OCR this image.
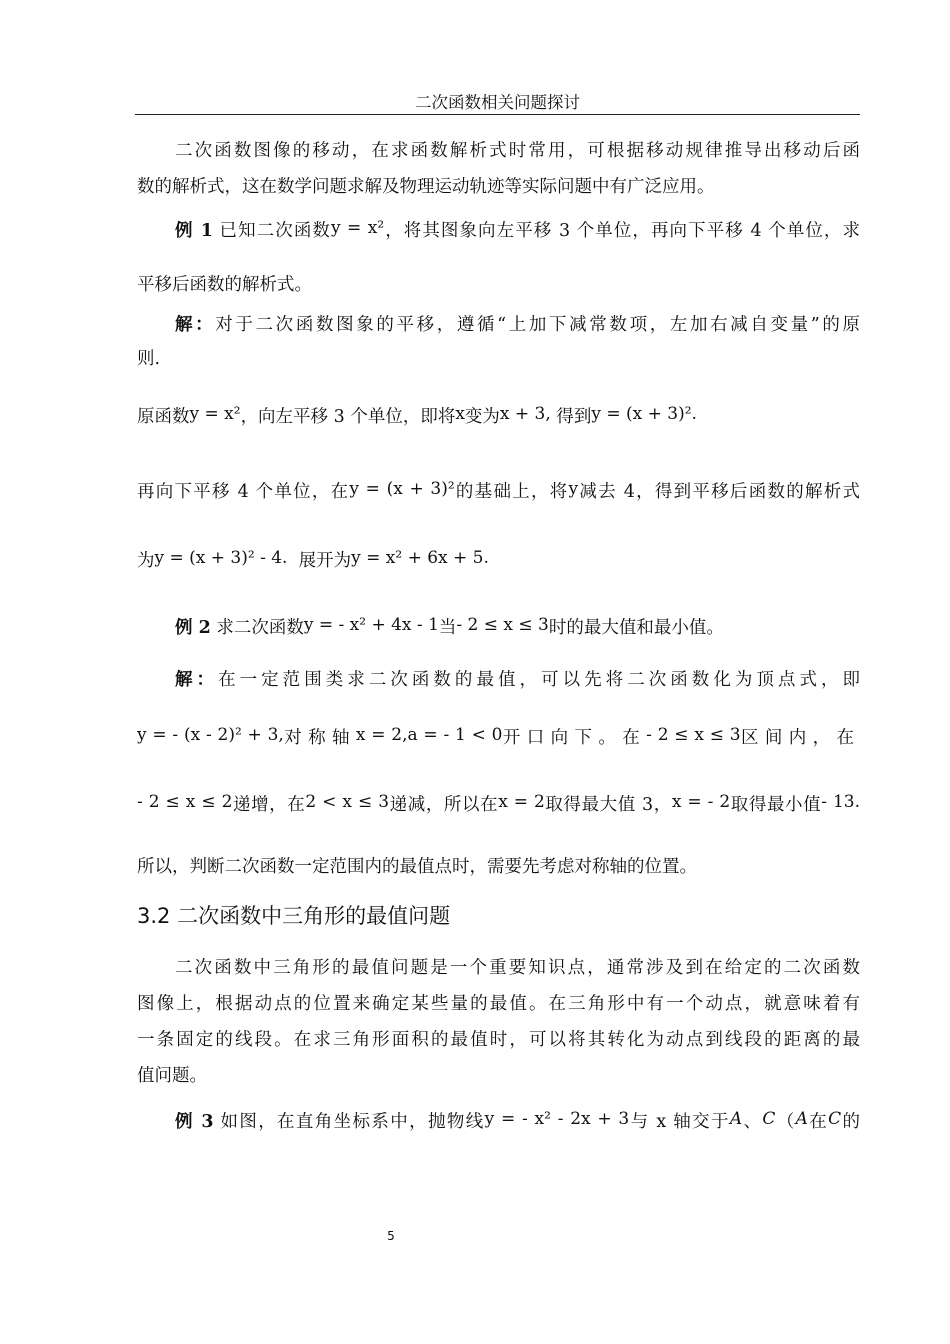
二次函数相关问题探讨
二次函数图像的移动，在求函数解析式时常用，可根据移动规律推导出移动后函
数的解析式，这在数学问题求解及物理运动轨迹等实际问题中有广泛应用。
例 1 已知二次函数y = x²，将其图象向左平移 3 个单位，再向下平移 4 个单位，求
平移后函数的解析式。
解：对于二次函数图象的平移，遵循“上加下减常数项，左加右减自变量”的原
则.
原函数y = x²，向左平移 3 个单位，即将x变为x + 3, 得到y = (x + 3)².
再向下平移 4 个单位，在y = (x + 3)²的基础上，将y减去 4，得到平移后函数的解析式
为y = (x + 3)² - 4.  展开为y = x² + 6x + 5.
例 2 求二次函数y = - x² + 4x - 1当- 2 ≤ x ≤ 3时的最大值和最小值。
解：在一定范围类求二次函数的最值，可以先将二次函数化为顶点式，即
y = - (x - 2)² + 3,对称轴x = 2,a = - 1 < 0开口向下。在- 2 ≤ x ≤ 3区间内，在
- 2 ≤ x ≤ 2递增，在2 < x ≤ 3递减，所以在x = 2取得最大值 3，x = - 2取得最小值- 13.
所以，判断二次函数一定范围内的最值点时，需要先考虑对称轴的位置。
3.2 二次函数中三角形的最值问题
二次函数中三角形的最值问题是一个重要知识点，通常涉及到在给定的二次函数
图像上，根据动点的位置来确定某些量的最值。在三角形中有一个动点，就意味着有
一条固定的线段。在求三角形面积的最值时，可以将其转化为动点到线段的距离的最
值问题。
例 3 如图，在直角坐标系中，抛物线y = - x² - 2x + 3与 x 轴交于A、C（A在C的
5
